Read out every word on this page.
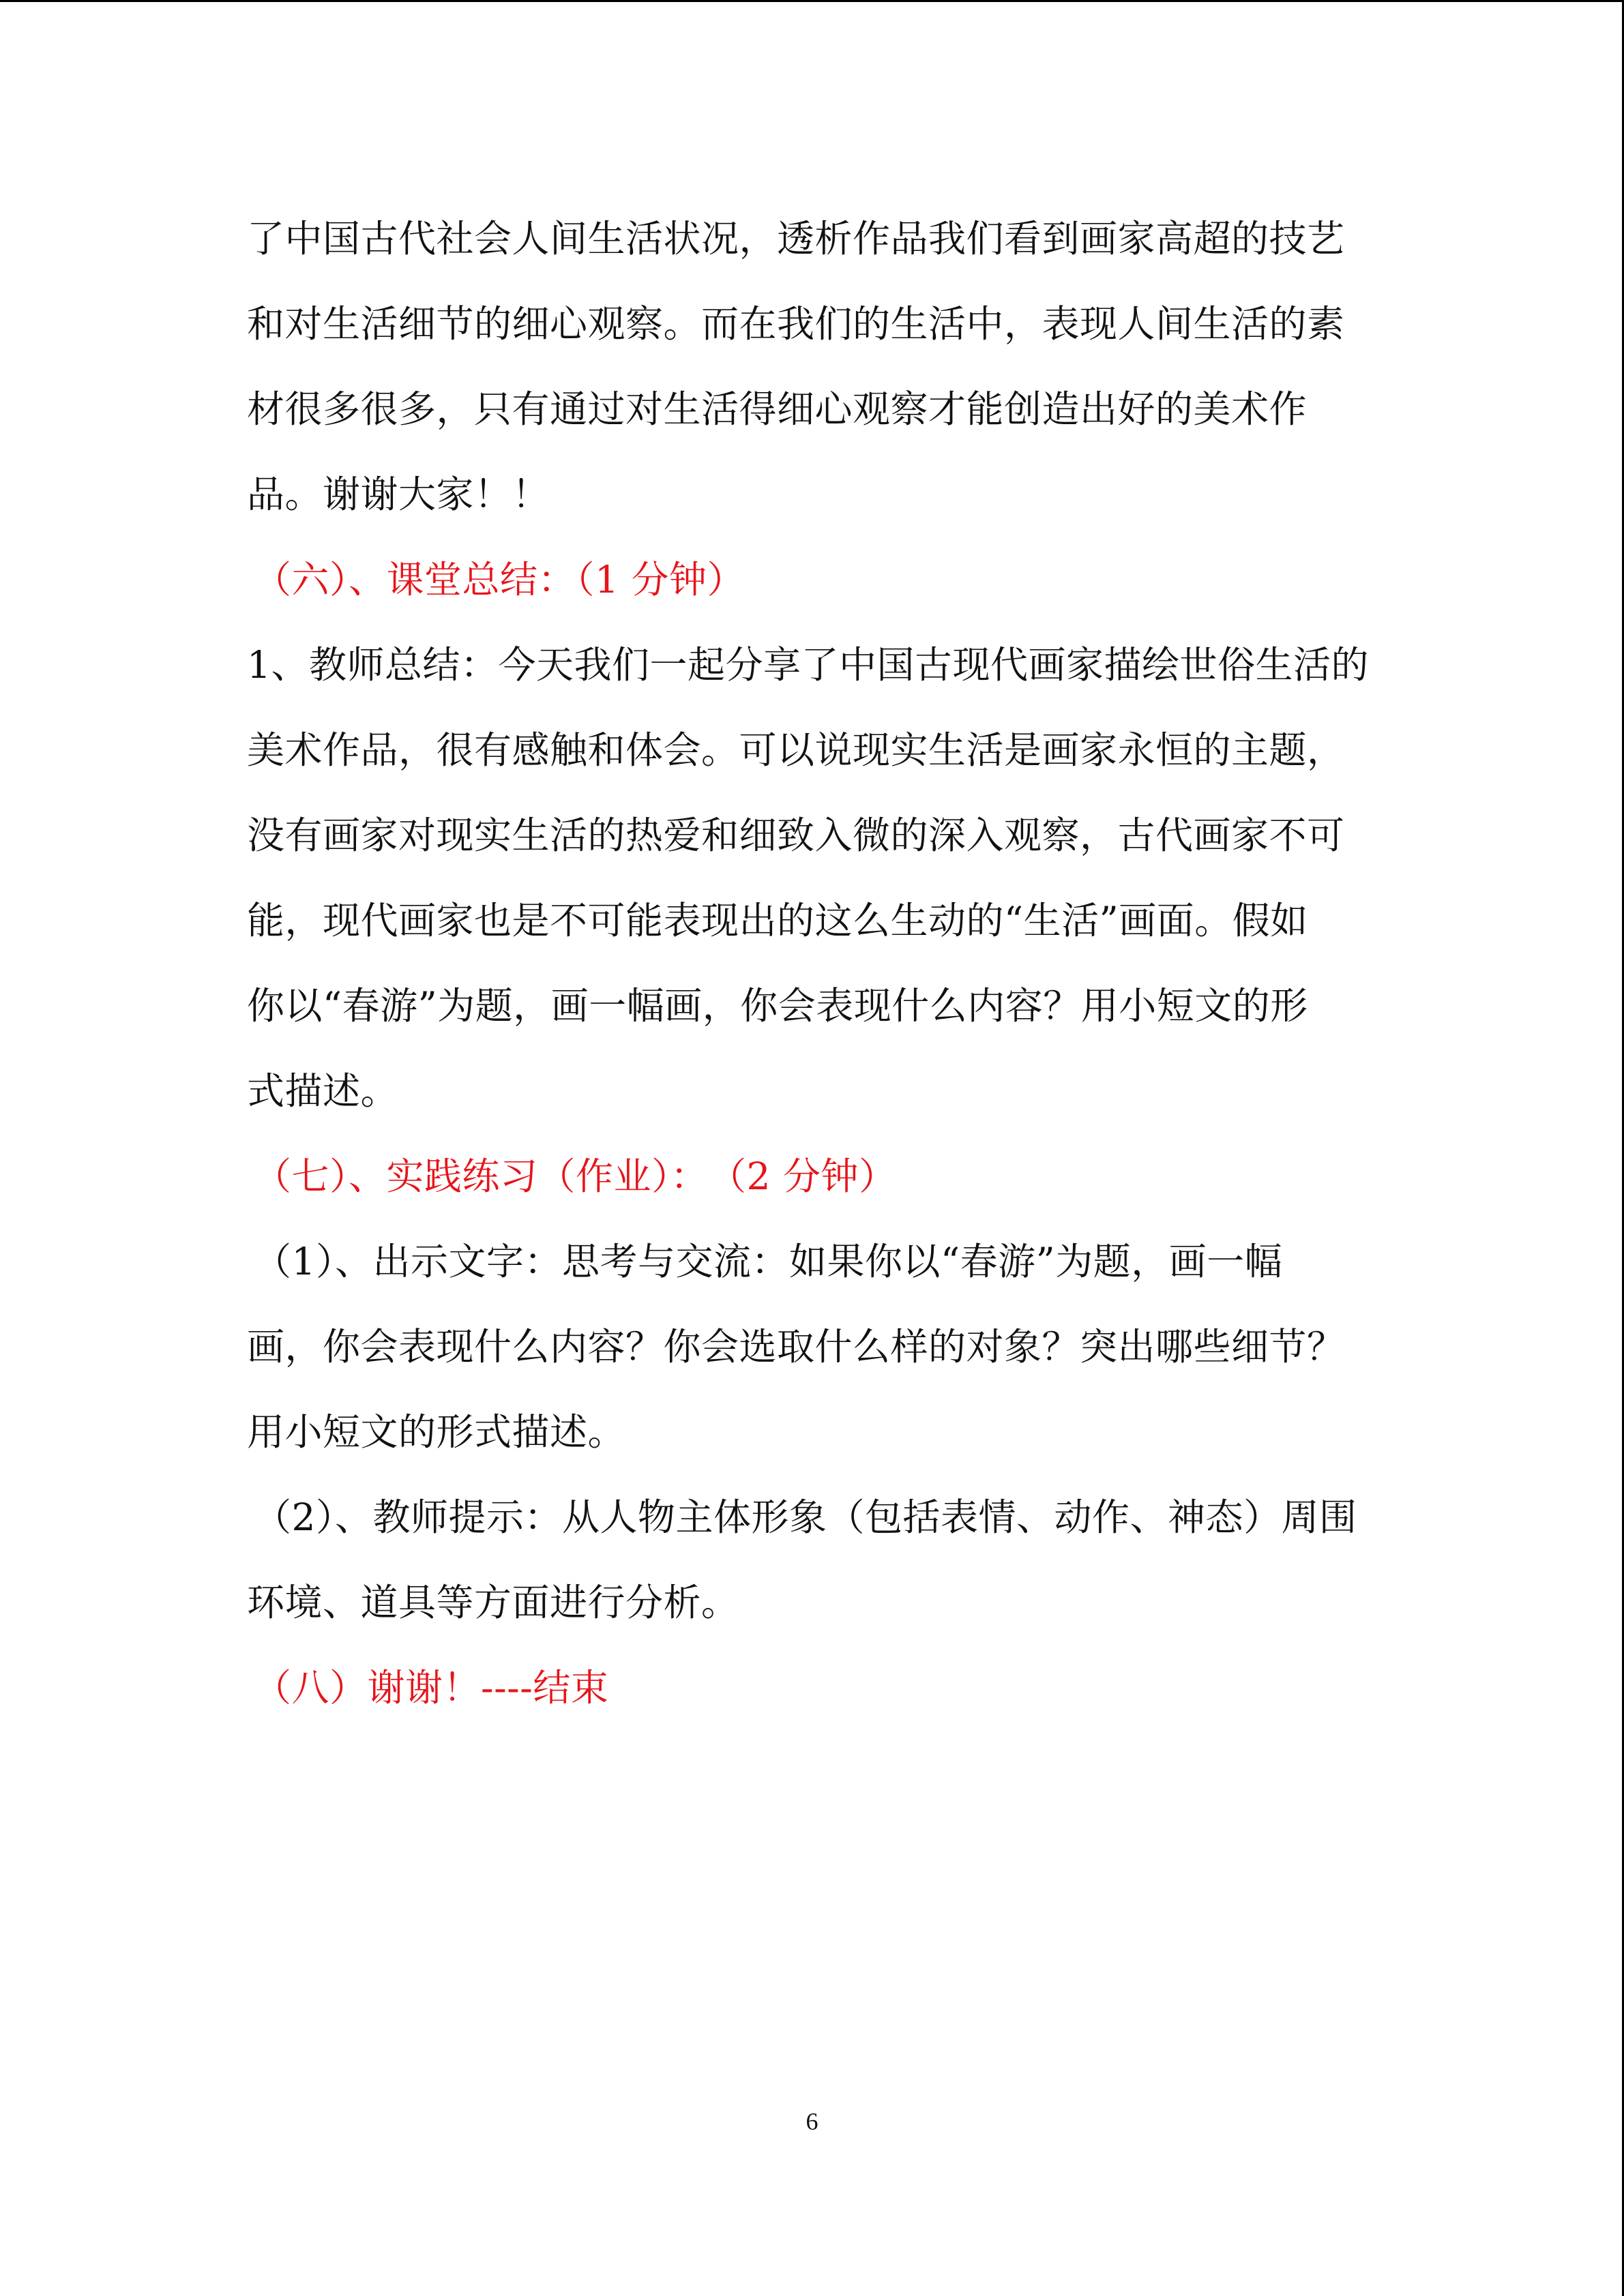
了中国古代社会人间生活状况，透析作品我们看到画家高超的技艺
和对生活细节的细心观察。而在我们的生活中，表现人间生活的素
材很多很多，只有通过对生活得细心观察才能创造出好的美术作
品。谢谢大家！！
（六）、课堂总结：（1 分钟）
1、教师总结：今天我们一起分享了中国古现代画家描绘世俗生活的
美术作品，很有感触和体会。可以说现实生活是画家永恒的主题，
没有画家对现实生活的热爱和细致入微的深入观察，古代画家不可
能，现代画家也是不可能表现出的这么生动的“生活”画面。假如
你以“春游”为题，画一幅画，你会表现什么内容？用小短文的形
式描述。
（七）、实践练习（作业）：　（2 分钟）
（1）、出示文字：思考与交流：如果你以“春游”为题，画一幅
画，你会表现什么内容？你会选取什么样的对象？突出哪些细节？
用小短文的形式描述。
（2）、教师提示：从人物主体形象（包括表情、动作、神态）周围
环境、道具等方面进行分析。
（八）谢谢！----结束
6
